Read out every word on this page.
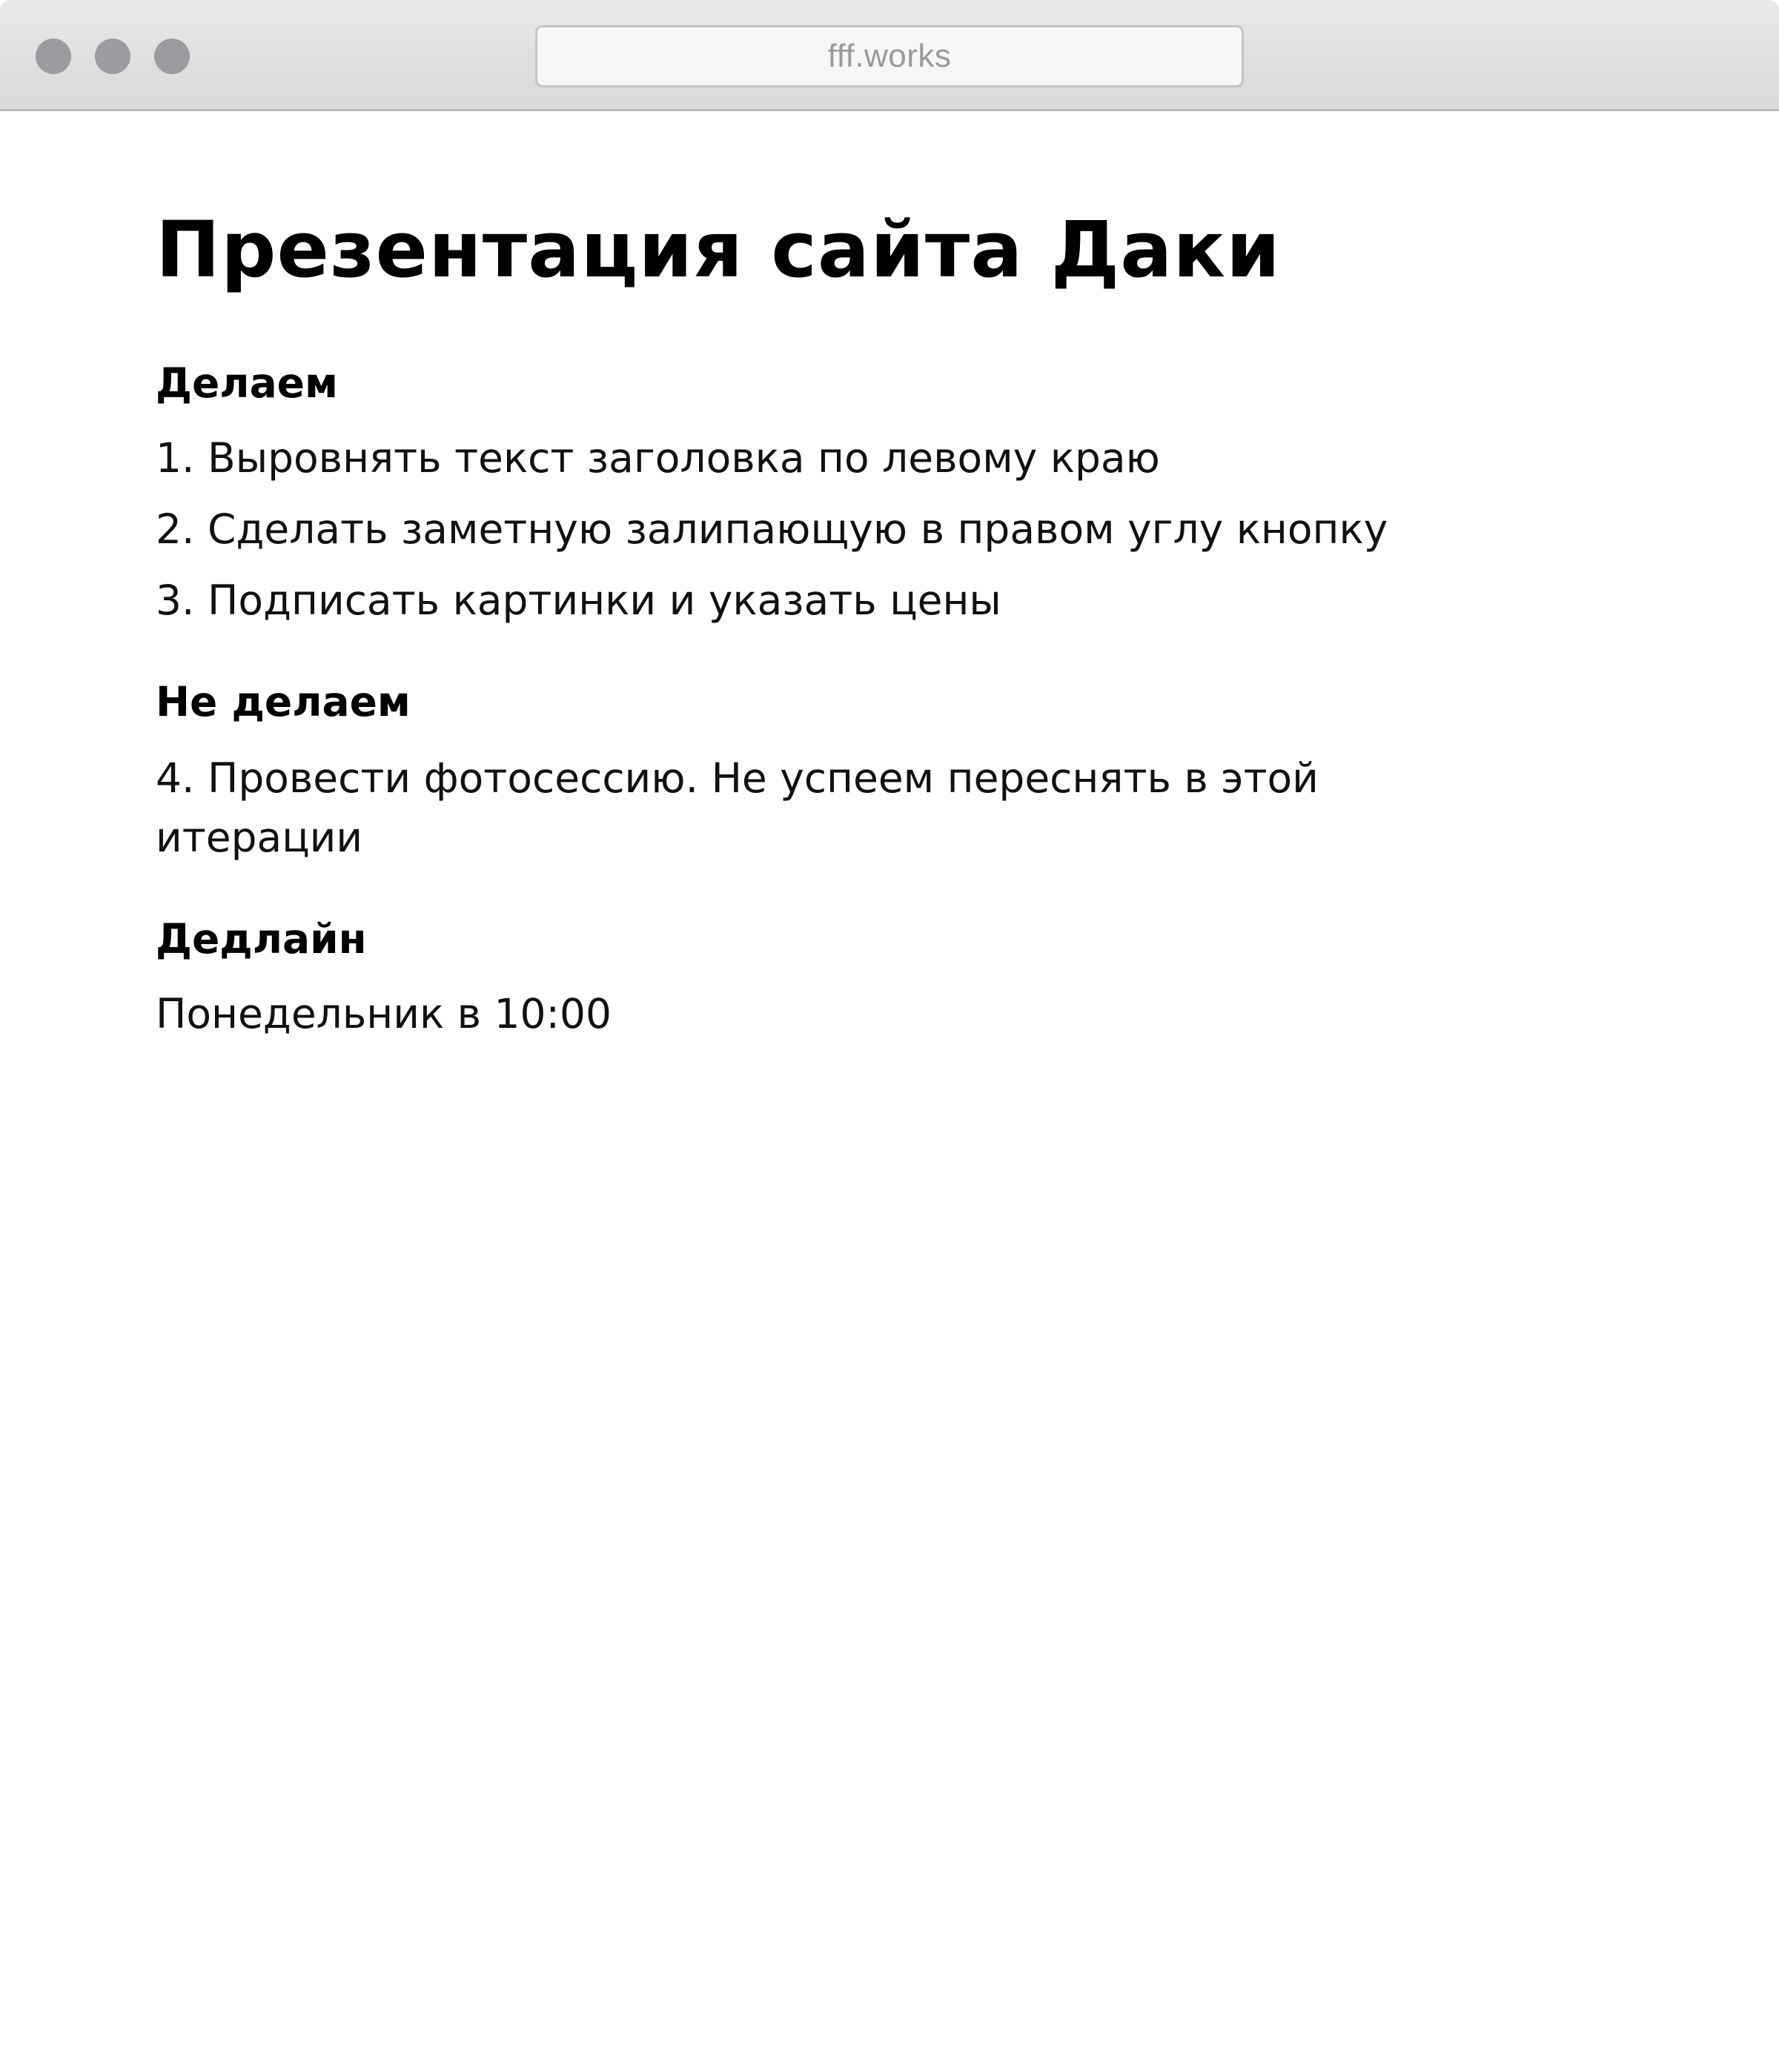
fff.works
Презентация сайта Даки
Делаем

1. Выровнять текст заголовка по левому краю

2. Сделать заметную залипающую в правом углу кнопку

3. Подписать картинки и указать цены

Не делаем

4. Провести фотосессию. Не успеем переснять в этой итерации

Дедлайн

Понедельник в 10:00
